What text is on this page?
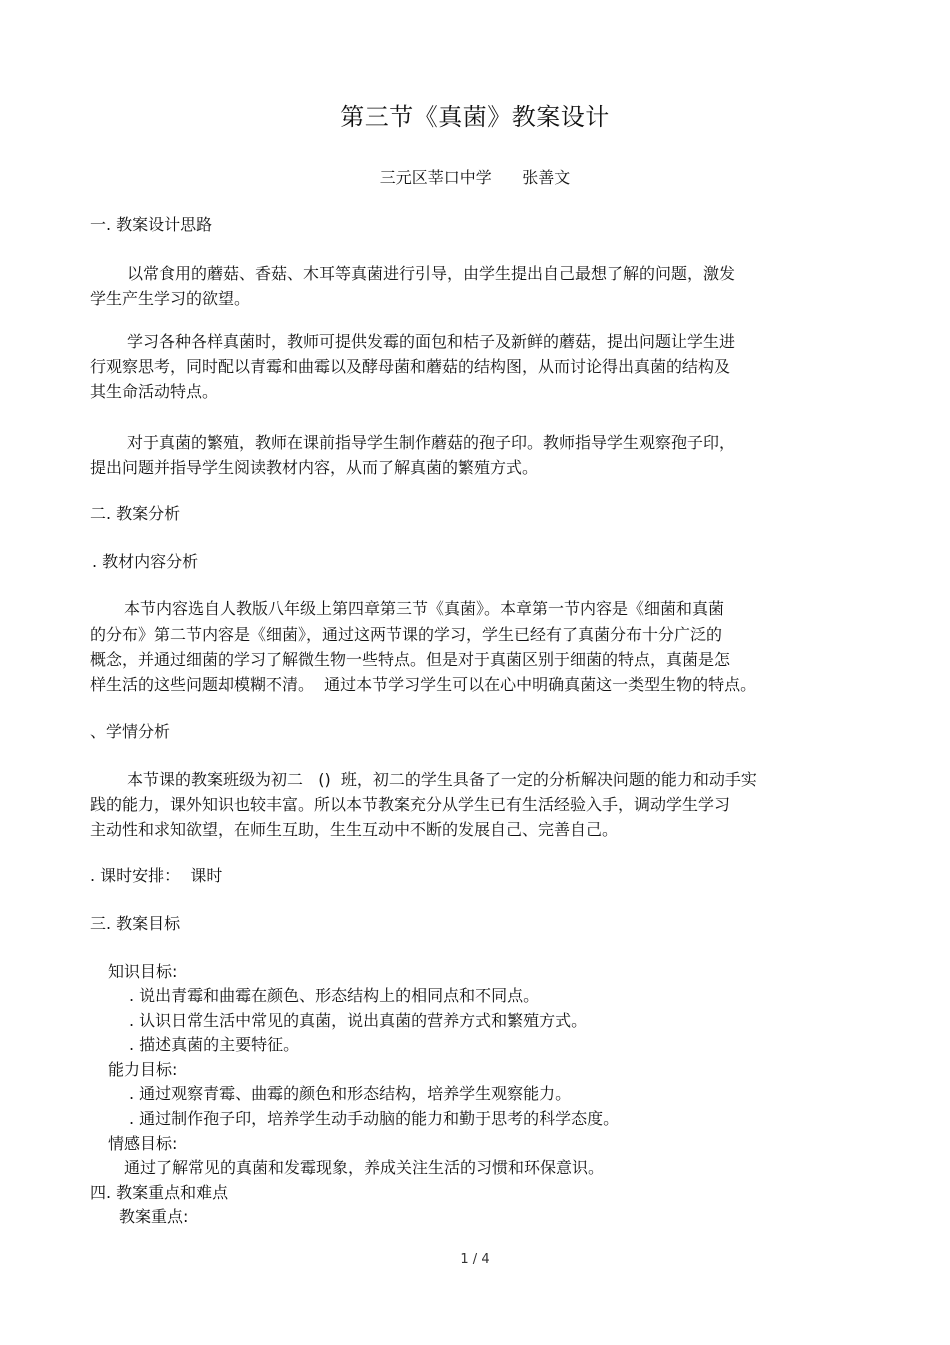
第三节《真菌》教案设计
三元区莘口中学      张善文
一. 教案设计思路
以常食用的蘑菇、香菇、木耳等真菌进行引导，由学生提出自己最想了解的问题，激发
学生产生学习的欲望。
学习各种各样真菌时，教师可提供发霉的面包和桔子及新鲜的蘑菇，提出问题让学生进
行观察思考，同时配以青霉和曲霉以及酵母菌和蘑菇的结构图，从而讨论得出真菌的结构及
其生命活动特点。
对于真菌的繁殖，教师在课前指导学生制作蘑菇的孢子印。教师指导学生观察孢子印，
提出问题并指导学生阅读教材内容，从而了解真菌的繁殖方式。
二. 教案分析
. 教材内容分析
本节内容选自人教版八年级上第四章第三节《真菌》。本章第一节内容是《细菌和真菌
的分布》第二节内容是《细菌》，通过这两节课的学习，学生已经有了真菌分布十分广泛的
概念，并通过细菌的学习了解微生物一些特点。但是对于真菌区别于细菌的特点，真菌是怎
样生活的这些问题却模糊不清。  通过本节学习学生可以在心中明确真菌这一类型生物的特点。
、学情分析
本节课的教案班级为初二   ()  班，初二的学生具备了一定的分析解决问题的能力和动手实
践的能力，课外知识也较丰富。所以本节教案充分从学生已有生活经验入手，调动学生学习
主动性和求知欲望，在师生互助，生生互动中不断的发展自己、完善自己。
. 课时安排：  课时
三. 教案目标
知识目标:
. 说出青霉和曲霉在颜色、形态结构上的相同点和不同点。
. 认识日常生活中常见的真菌，说出真菌的营养方式和繁殖方式。
. 描述真菌的主要特征。
能力目标:
. 通过观察青霉、曲霉的颜色和形态结构，培养学生观察能力。
. 通过制作孢子印，培养学生动手动脑的能力和勤于思考的科学态度。
情感目标:
通过了解常见的真菌和发霉现象，养成关注生活的习惯和环保意识。
四. 教案重点和难点
教案重点:
1 / 4
